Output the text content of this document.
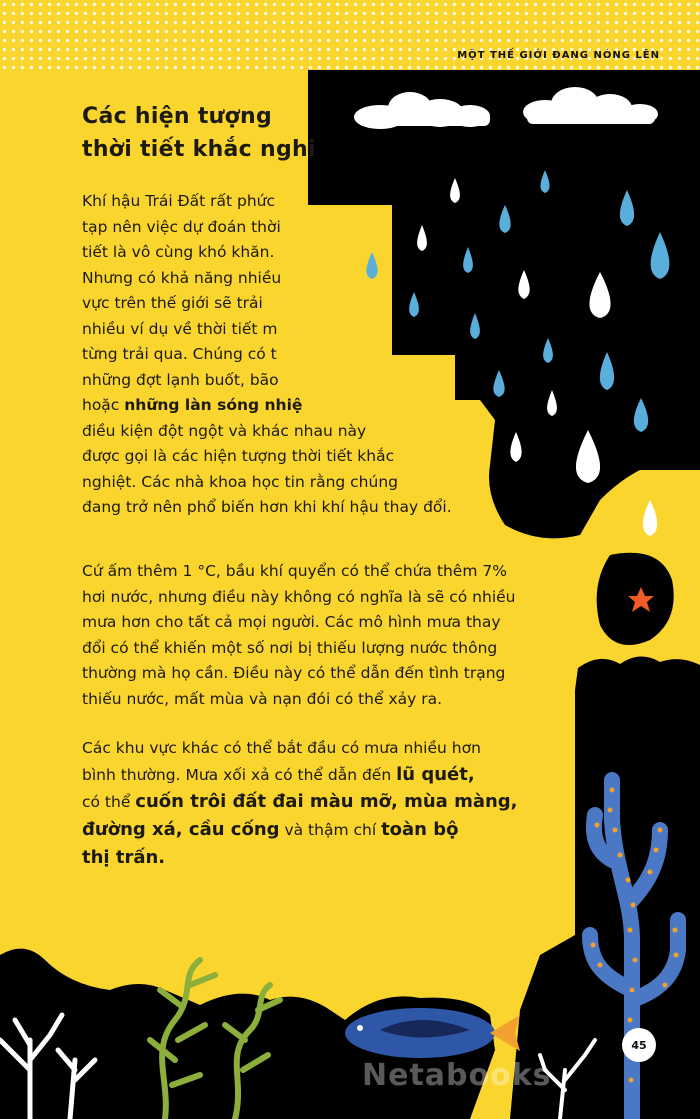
MỘT THẾ GIỚI ĐANG NÓNG LÊN
Các hiện tượng
thời tiết khắc nghi
Khí hậu Trái Đất rất phức
tạp nên việc dự đoán thời
tiết là vô cùng khó khăn.
Nhưng có khả năng nhiều
vực trên thế giới sẽ trải
nhiều ví dụ về thời tiết m
từng trải qua. Chúng có t
những đợt lạnh buốt, bão
hoặc những làn sóng nhiệ
điều kiện đột ngột và khác nhau này
được gọi là các hiện tượng thời tiết khắc
nghiệt. Các nhà khoa học tin rằng chúng
đang trở nên phổ biến hơn khi khí hậu thay đổi.
Cứ ấm thêm 1 °C, bầu khí quyển có thể chứa thêm 7%
hơi nước, nhưng điều này không có nghĩa là sẽ có nhiều
mưa hơn cho tất cả mọi người. Các mô hình mưa thay
đổi có thể khiến một số nơi bị thiếu lượng nước thông
thường mà họ cần. Điều này có thể dẫn đến tình trạng
thiếu nước, mất mùa và nạn đói có thể xảy ra.
Các khu vực khác có thể bắt đầu có mưa nhiều hơn
bình thường. Mưa xối xả có thể dẫn đến lũ quét,
có thể cuốn trôi đất đai màu mỡ, mùa màng,
đường xá, cầu cống và thậm chí toàn bộ
thị trấn.
45
Netabooks
